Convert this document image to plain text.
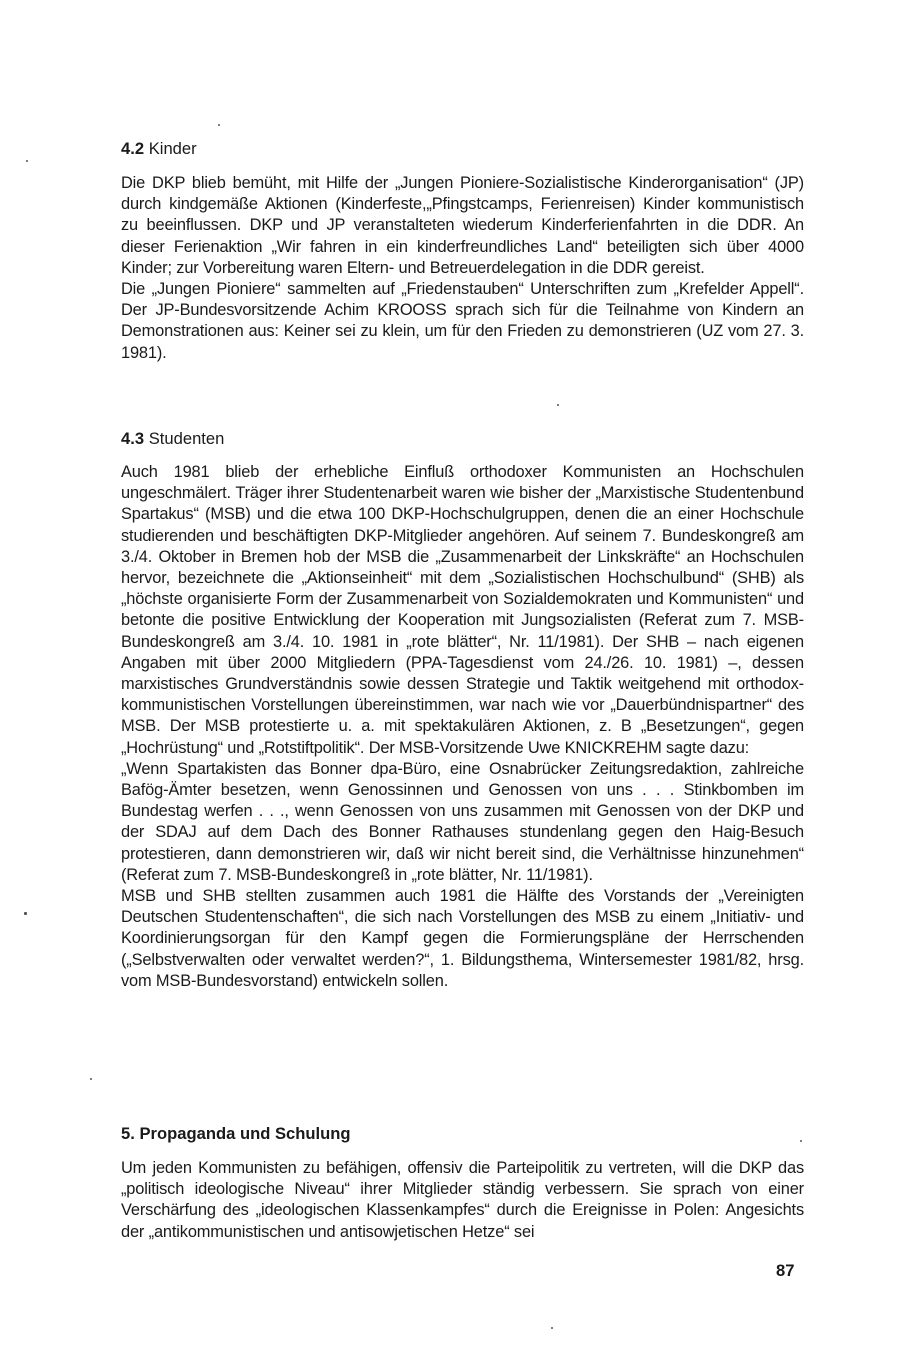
4.2 Kinder

Die DKP blieb bemüht, mit Hilfe der „Jungen Pioniere-Sozialistische Kinderorganisation“ (JP) durch kindgemäße Aktionen (Kinderfeste,„Pfingstcamps, Ferienreisen) Kinder kommunistisch zu beeinflussen. DKP und JP veranstalteten wiederum Kinderferienfahrten in die DDR. An dieser Ferienaktion „Wir fahren in ein kinderfreundliches Land“ beteiligten sich über 4000 Kinder; zur Vorbereitung waren Eltern- und Betreuerdelegation in die DDR gereist.

Die „Jungen Pioniere“ sammelten auf „Friedenstauben“ Unterschriften zum „Krefelder Appell“. Der JP-Bundesvorsitzende Achim KROOSS sprach sich für die Teilnahme von Kindern an Demonstrationen aus: Keiner sei zu klein, um für den Frieden zu demonstrieren (UZ vom 27. 3. 1981).

4.3 Studenten

Auch 1981 blieb der erhebliche Einfluß orthodoxer Kommunisten an Hochschulen ungeschmälert. Träger ihrer Studentenarbeit waren wie bisher der „Marxistische Studentenbund Spartakus“ (MSB) und die etwa 100 DKP-Hochschulgruppen, denen die an einer Hochschule studierenden und beschäftigten DKP-Mitglieder angehören. Auf seinem 7. Bundeskongreß am 3./4. Oktober in Bremen hob der MSB die „Zusammenarbeit der Linkskräfte“ an Hochschulen hervor, bezeichnete die „Aktionseinheit“ mit dem „Sozialistischen Hochschulbund“ (SHB) als „höchste organisierte Form der Zusammenarbeit von Sozialdemokraten und Kommunisten“ und betonte die positive Entwicklung der Kooperation mit Jungsozialisten (Referat zum 7. MSB-Bundeskongreß am 3./4. 10. 1981 in „rote blätter“, Nr. 11/1981). Der SHB – nach eigenen Angaben mit über 2000 Mitgliedern (PPA-Tagesdienst vom 24./26. 10. 1981) –, dessen marxistisches Grundverständnis sowie dessen Strategie und Taktik weitgehend mit orthodox-kommunistischen Vorstellungen übereinstimmen, war nach wie vor „Dauerbündnispartner“ des MSB. Der MSB protestierte u. a. mit spektakulären Aktionen, z. B „Besetzungen“, gegen „Hochrüstung“ und „Rotstiftpolitik“. Der MSB-Vorsitzende Uwe KNICKREHM sagte dazu:

„Wenn Spartakisten das Bonner dpa-Büro, eine Osnabrücker Zeitungsredaktion, zahlreiche Bafög-Ämter besetzen, wenn Genossinnen und Genossen von uns . . . Stinkbomben im Bundestag werfen . . ., wenn Genossen von uns zusammen mit Genossen von der DKP und der SDAJ auf dem Dach des Bonner Rathauses stundenlang gegen den Haig-Besuch protestieren, dann demonstrieren wir, daß wir nicht bereit sind, die Verhältnisse hinzunehmen“ (Referat zum 7. MSB-Bundeskongreß in „rote blätter, Nr. 11/1981).

MSB und SHB stellten zusammen auch 1981 die Hälfte des Vorstands der „Vereinigten Deutschen Studentenschaften“, die sich nach Vorstellungen des MSB zu einem „Initiativ- und Koordinierungsorgan für den Kampf gegen die Formierungspläne der Herrschenden („Selbstverwalten oder verwaltet werden?“, 1. Bildungsthema, Wintersemester 1981/82, hrsg. vom MSB-Bundesvorstand) entwickeln sollen.

5. Propaganda und Schulung

Um jeden Kommunisten zu befähigen, offensiv die Parteipolitik zu vertreten, will die DKP das „politisch ideologische Niveau“ ihrer Mitglieder ständig verbessern. Sie sprach von einer Verschärfung des „ideologischen Klassenkampfes“ durch die Ereignisse in Polen: Angesichts der „antikommunistischen und antisowjetischen Hetze“ sei

87
